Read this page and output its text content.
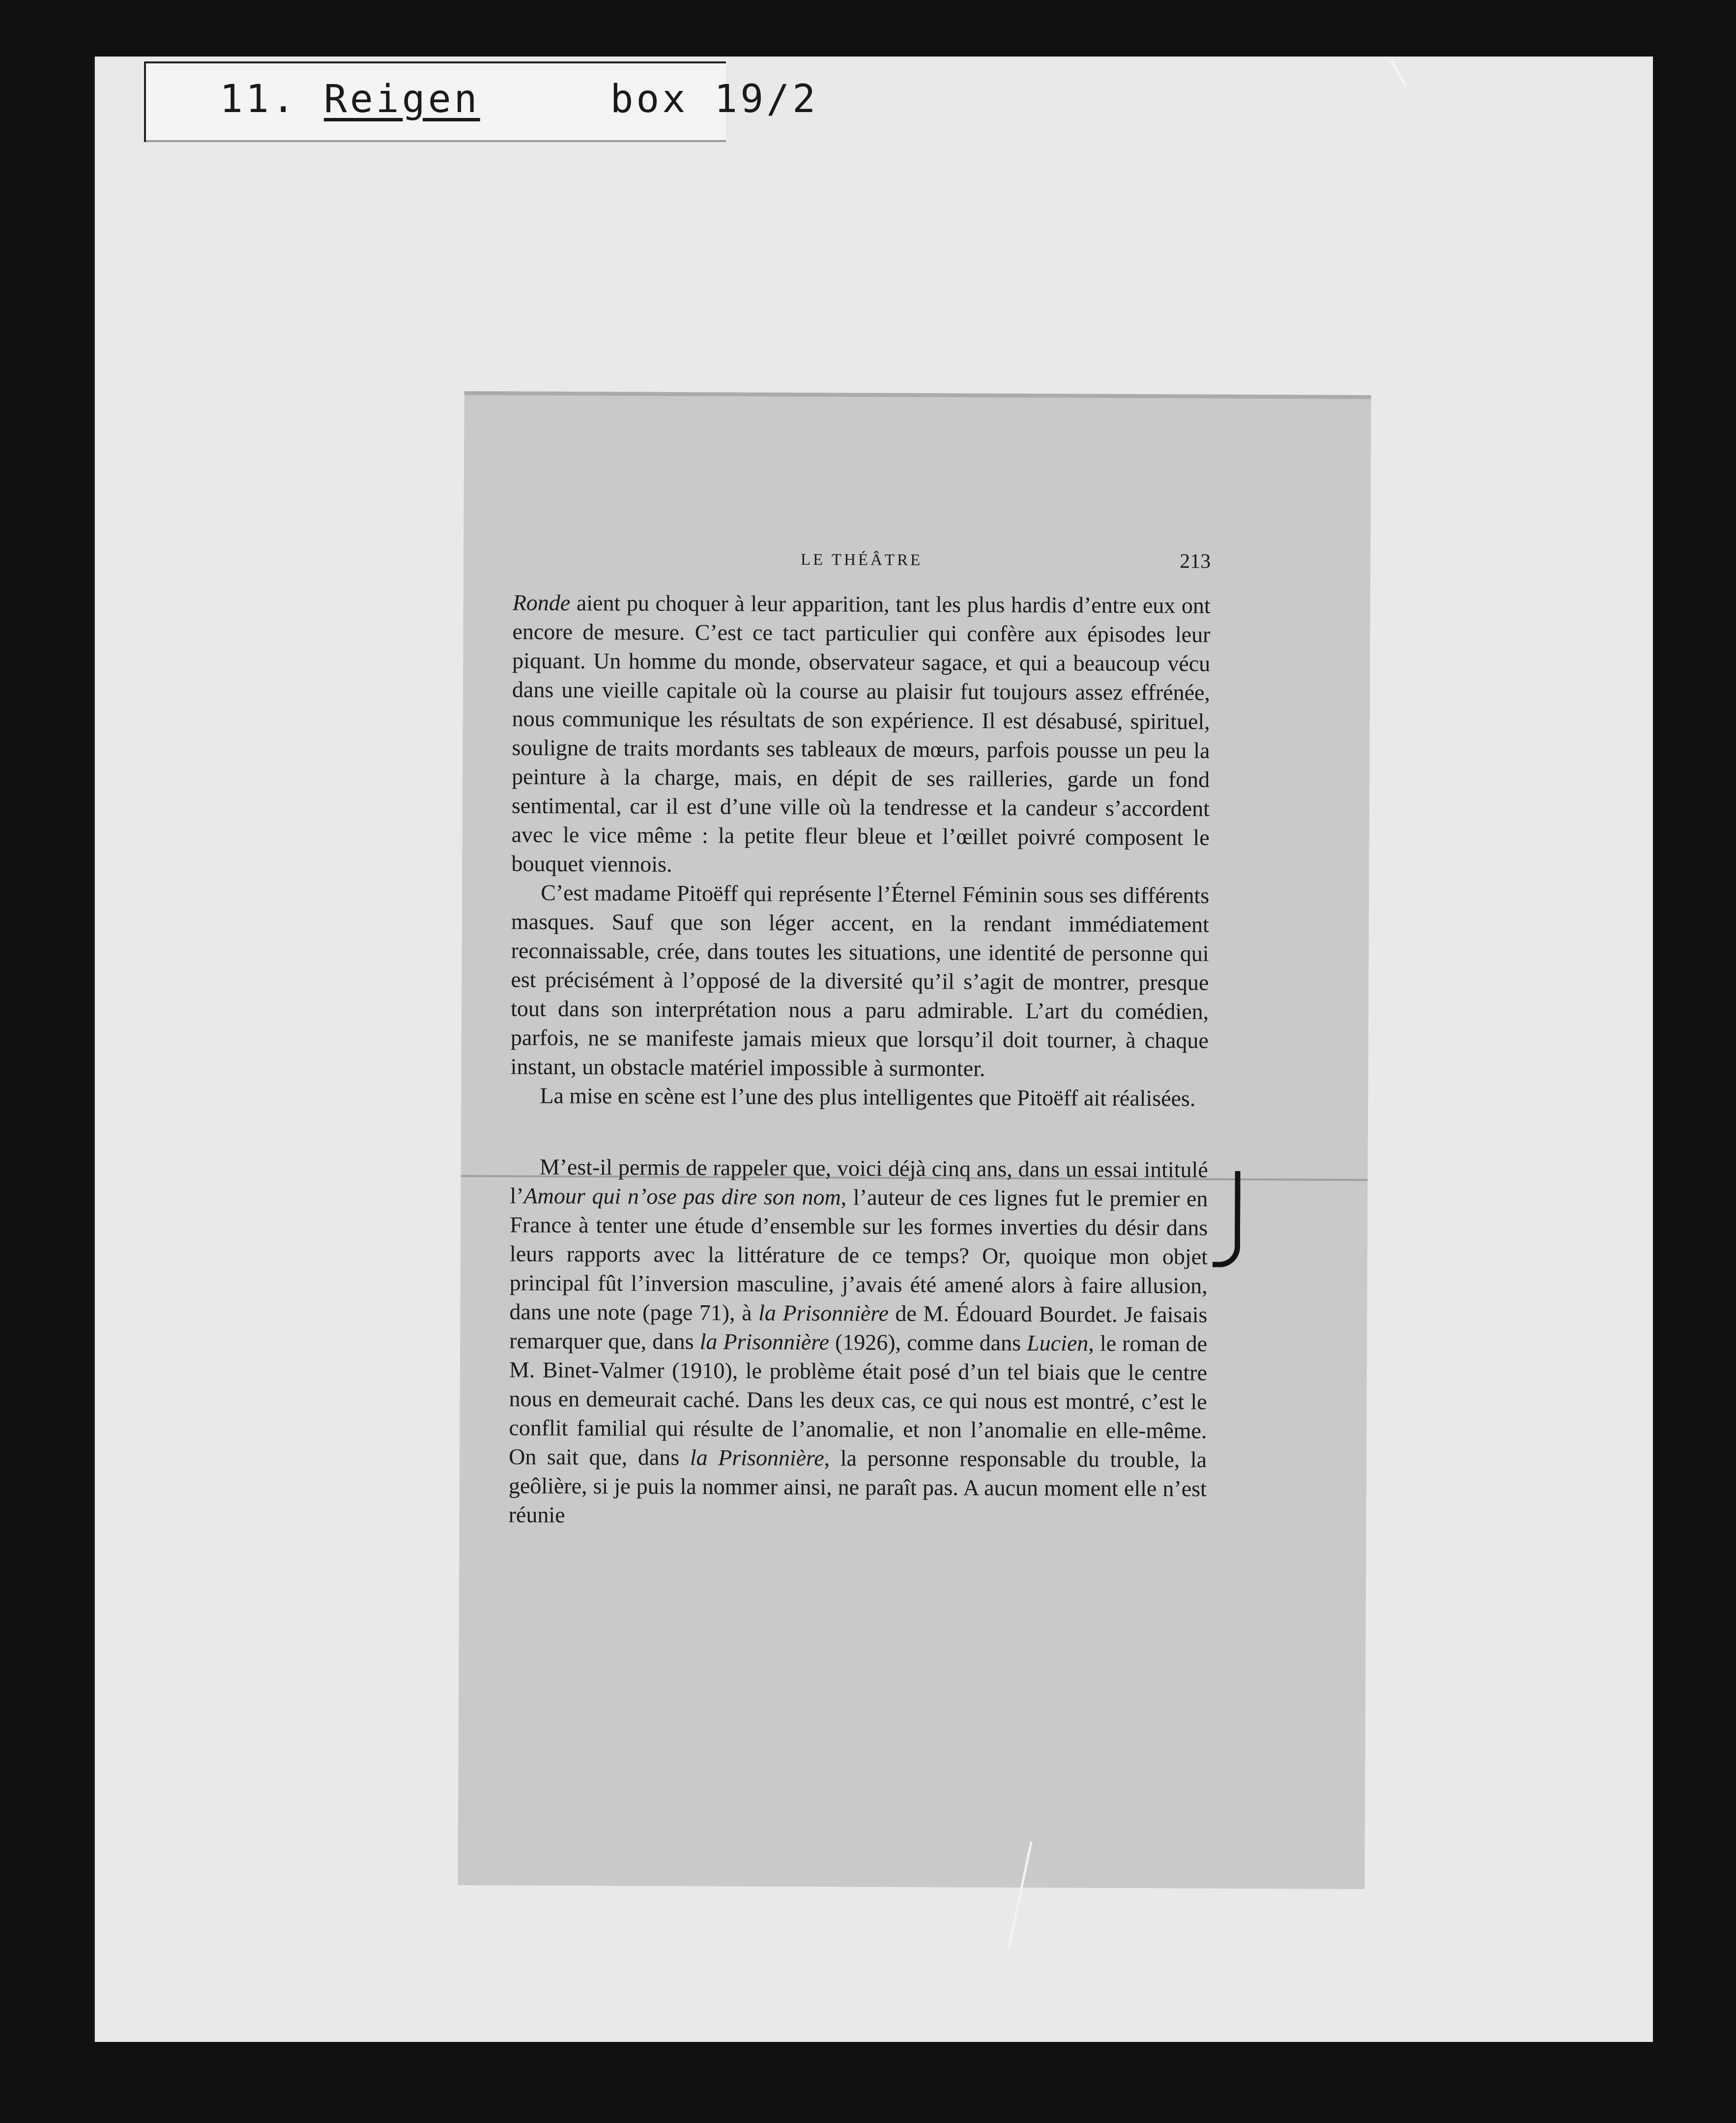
11. Reigen	box 19/2
LE THÉÂTRE	213

Ronde aient pu choquer à leur apparition, tant les plus hardis d’entre eux ont encore de mesure. C’est ce tact particulier qui confère aux épisodes leur piquant. Un homme du monde, observateur sagace, et qui a beaucoup vécu dans une vieille capitale où la course au plaisir fut toujours assez effrénée, nous communique les résultats de son expérience. Il est désabusé, spirituel, souligne de traits mordants ses tableaux de mœurs, parfois pousse un peu la peinture à la charge, mais, en dépit de ses railleries, garde un fond sentimental, car il est d’une ville où la tendresse et la candeur s’accordent avec le vice même : la petite fleur bleue et l’œillet poivré composent le bouquet viennois.

C’est madame Pitoëff qui représente l’Éternel Féminin sous ses différents masques. Sauf que son léger accent, en la rendant immédiatement reconnaissable, crée, dans toutes les situations, une identité de personne qui est précisément à l’opposé de la diversité qu’il s’agit de montrer, presque tout dans son interprétation nous a paru admirable. L’art du comédien, parfois, ne se manifeste jamais mieux que lorsqu’il doit tourner, à chaque instant, un obstacle matériel impossible à surmonter.

La mise en scène est l’une des plus intelligentes que Pitoëff ait réalisées.

M’est-il permis de rappeler que, voici déjà cinq ans, dans un essai intitulé l’Amour qui n’ose pas dire son nom, l’auteur de ces lignes fut le premier en France à tenter une étude d’ensemble sur les formes inverties du désir dans leurs rapports avec la littérature de ce temps? Or, quoique mon objet principal fût l’inversion masculine, j’avais été amené alors à faire allusion, dans une note (page 71), à la Prisonnière de M. Édouard Bourdet. Je faisais remarquer que, dans la Prisonnière (1926), comme dans Lucien, le roman de M. Binet-Valmer (1910), le problème était posé d’un tel biais que le centre nous en demeurait caché. Dans les deux cas, ce qui nous est montré, c’est le conflit familial qui résulte de l’anomalie, et non l’anomalie en elle-même. On sait que, dans la Prisonnière, la personne responsable du trouble, la geôlière, si je puis la nommer ainsi, ne paraît pas. A aucun moment elle n’est réunie
